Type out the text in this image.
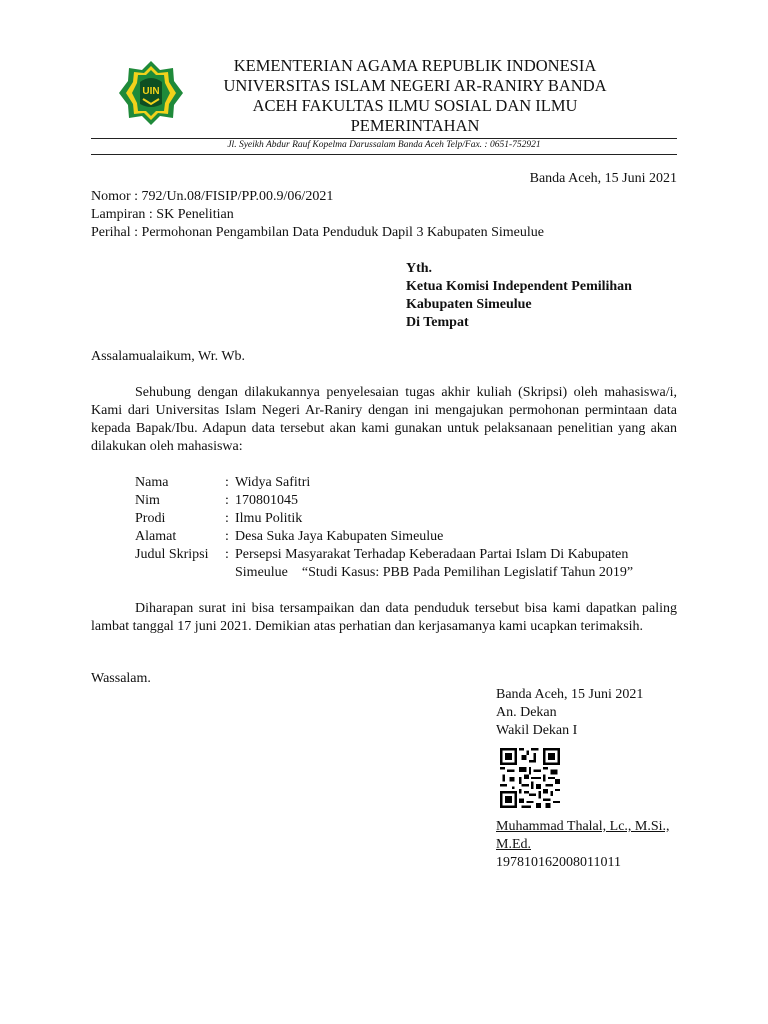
UIN
KEMENTERIAN AGAMA REPUBLIK INDONESIA
UNIVERSITAS ISLAM NEGERI AR-RANIRY BANDA
ACEH FAKULTAS ILMU SOSIAL DAN ILMU
PEMERINTAHAN
Jl. Syeikh Abdur Rauf Kopelma Darussalam Banda Aceh Telp/Fax. : 0651-752921
Banda Aceh, 15 Juni 2021
Nomor : 792/Un.08/FISIP/PP.00.9/06/2021
Lampiran : SK Penelitian
Perihal : Permohonan Pengambilan Data Penduduk Dapil 3 Kabupaten Simeulue
Yth.
Ketua Komisi Independent Pemilihan
Kabupaten Simeulue
Di Tempat
Assalamualaikum, Wr. Wb.
Sehubung dengan dilakukannya penyelesaian tugas akhir kuliah (Skripsi) oleh mahasiswa/i, Kami dari Universitas Islam Negeri Ar-Raniry dengan ini mengajukan permohonan permintaan data kepada Bapak/Ibu. Adapun data tersebut akan kami gunakan untuk pelaksanaan penelitian yang akan dilakukan oleh mahasiswa:
Nama	: Widya Safitri
Nim	: 170801045
Prodi	: Ilmu Politik
Alamat	: Desa Suka Jaya Kabupaten Simeulue
Judul Skripsi	: Persepsi Masyarakat Terhadap Keberadaan Partai Islam Di Kabupaten
Simeulue    “Studi Kasus: PBB Pada Pemilihan Legislatif Tahun 2019”
Diharapan surat ini bisa tersampaikan dan data penduduk tersebut bisa kami dapatkan paling lambat tanggal 17 juni 2021. Demikian atas perhatian dan kerjasamanya kami ucapkan terimaksih.
Wassalam.
Banda Aceh, 15 Juni 2021
An. Dekan
Wakil Dekan I
Muhammad Thalal, Lc., M.Si.,
M.Ed.
197810162008011011
